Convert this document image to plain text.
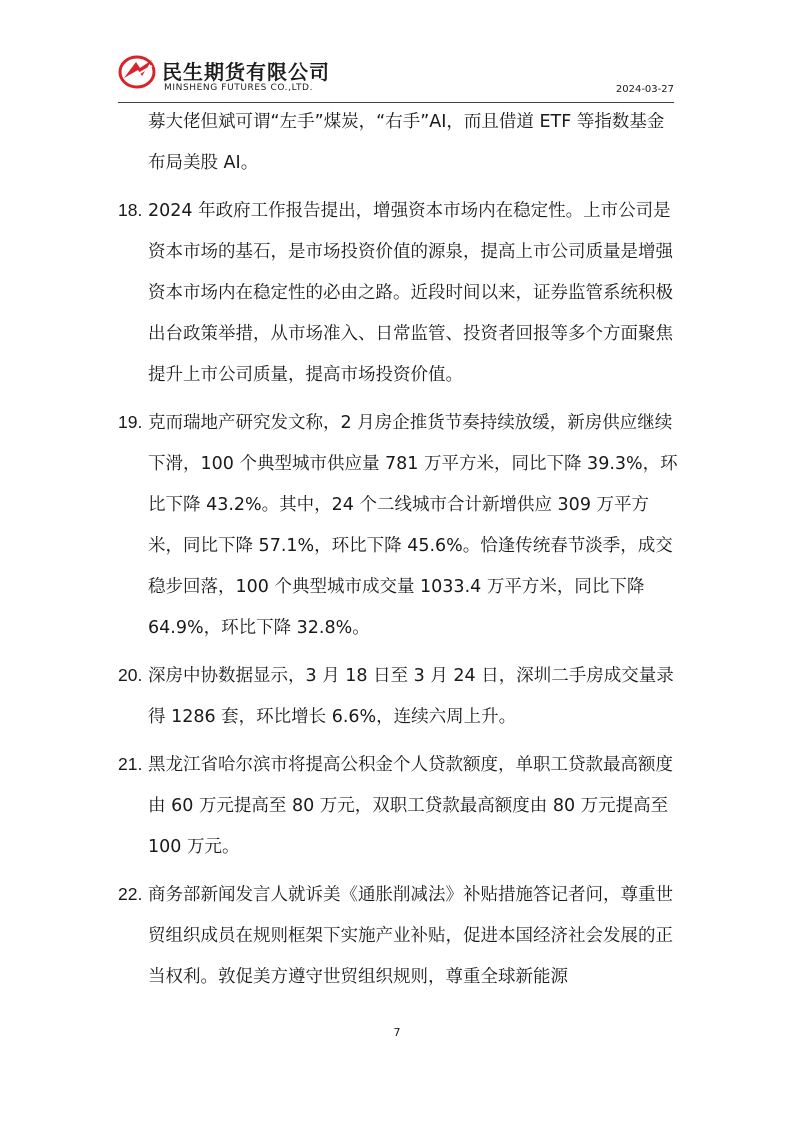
民生期货有限公司
MINSHENG FUTURES CO.,LTD.	2024-03-27

募大佬但斌可谓“左手”煤炭，“右手”AI，而且借道 ETF 等指数基金布局美股 AI。

18. 2024 年政府工作报告提出，增强资本市场内在稳定性。上市公司是资本市场的基石，是市场投资价值的源泉，提高上市公司质量是增强资本市场内在稳定性的必由之路。近段时间以来，证券监管系统积极出台政策举措，从市场准入、日常监管、投资者回报等多个方面聚焦提升上市公司质量，提高市场投资价值。

19. 克而瑞地产研究发文称，2 月房企推货节奏持续放缓，新房供应继续下滑，100 个典型城市供应量 781 万平方米，同比下降 39.3%，环比下降 43.2%。其中，24 个二线城市合计新增供应 309 万平方米，同比下降 57.1%，环比下降 45.6%。恰逢传统春节淡季，成交稳步回落，100 个典型城市成交量 1033.4 万平方米，同比下降 64.9%，环比下降 32.8%。

20. 深房中协数据显示，3 月 18 日至 3 月 24 日，深圳二手房成交量录得 1286 套，环比增长 6.6%，连续六周上升。

21. 黑龙江省哈尔滨市将提高公积金个人贷款额度，单职工贷款最高额度由 60 万元提高至 80 万元，双职工贷款最高额度由 80 万元提高至 100 万元。

22. 商务部新闻发言人就诉美《通胀削减法》补贴措施答记者问，尊重世贸组织成员在规则框架下实施产业补贴，促进本国经济社会发展的正当权利。敦促美方遵守世贸组织规则，尊重全球新能源

7
